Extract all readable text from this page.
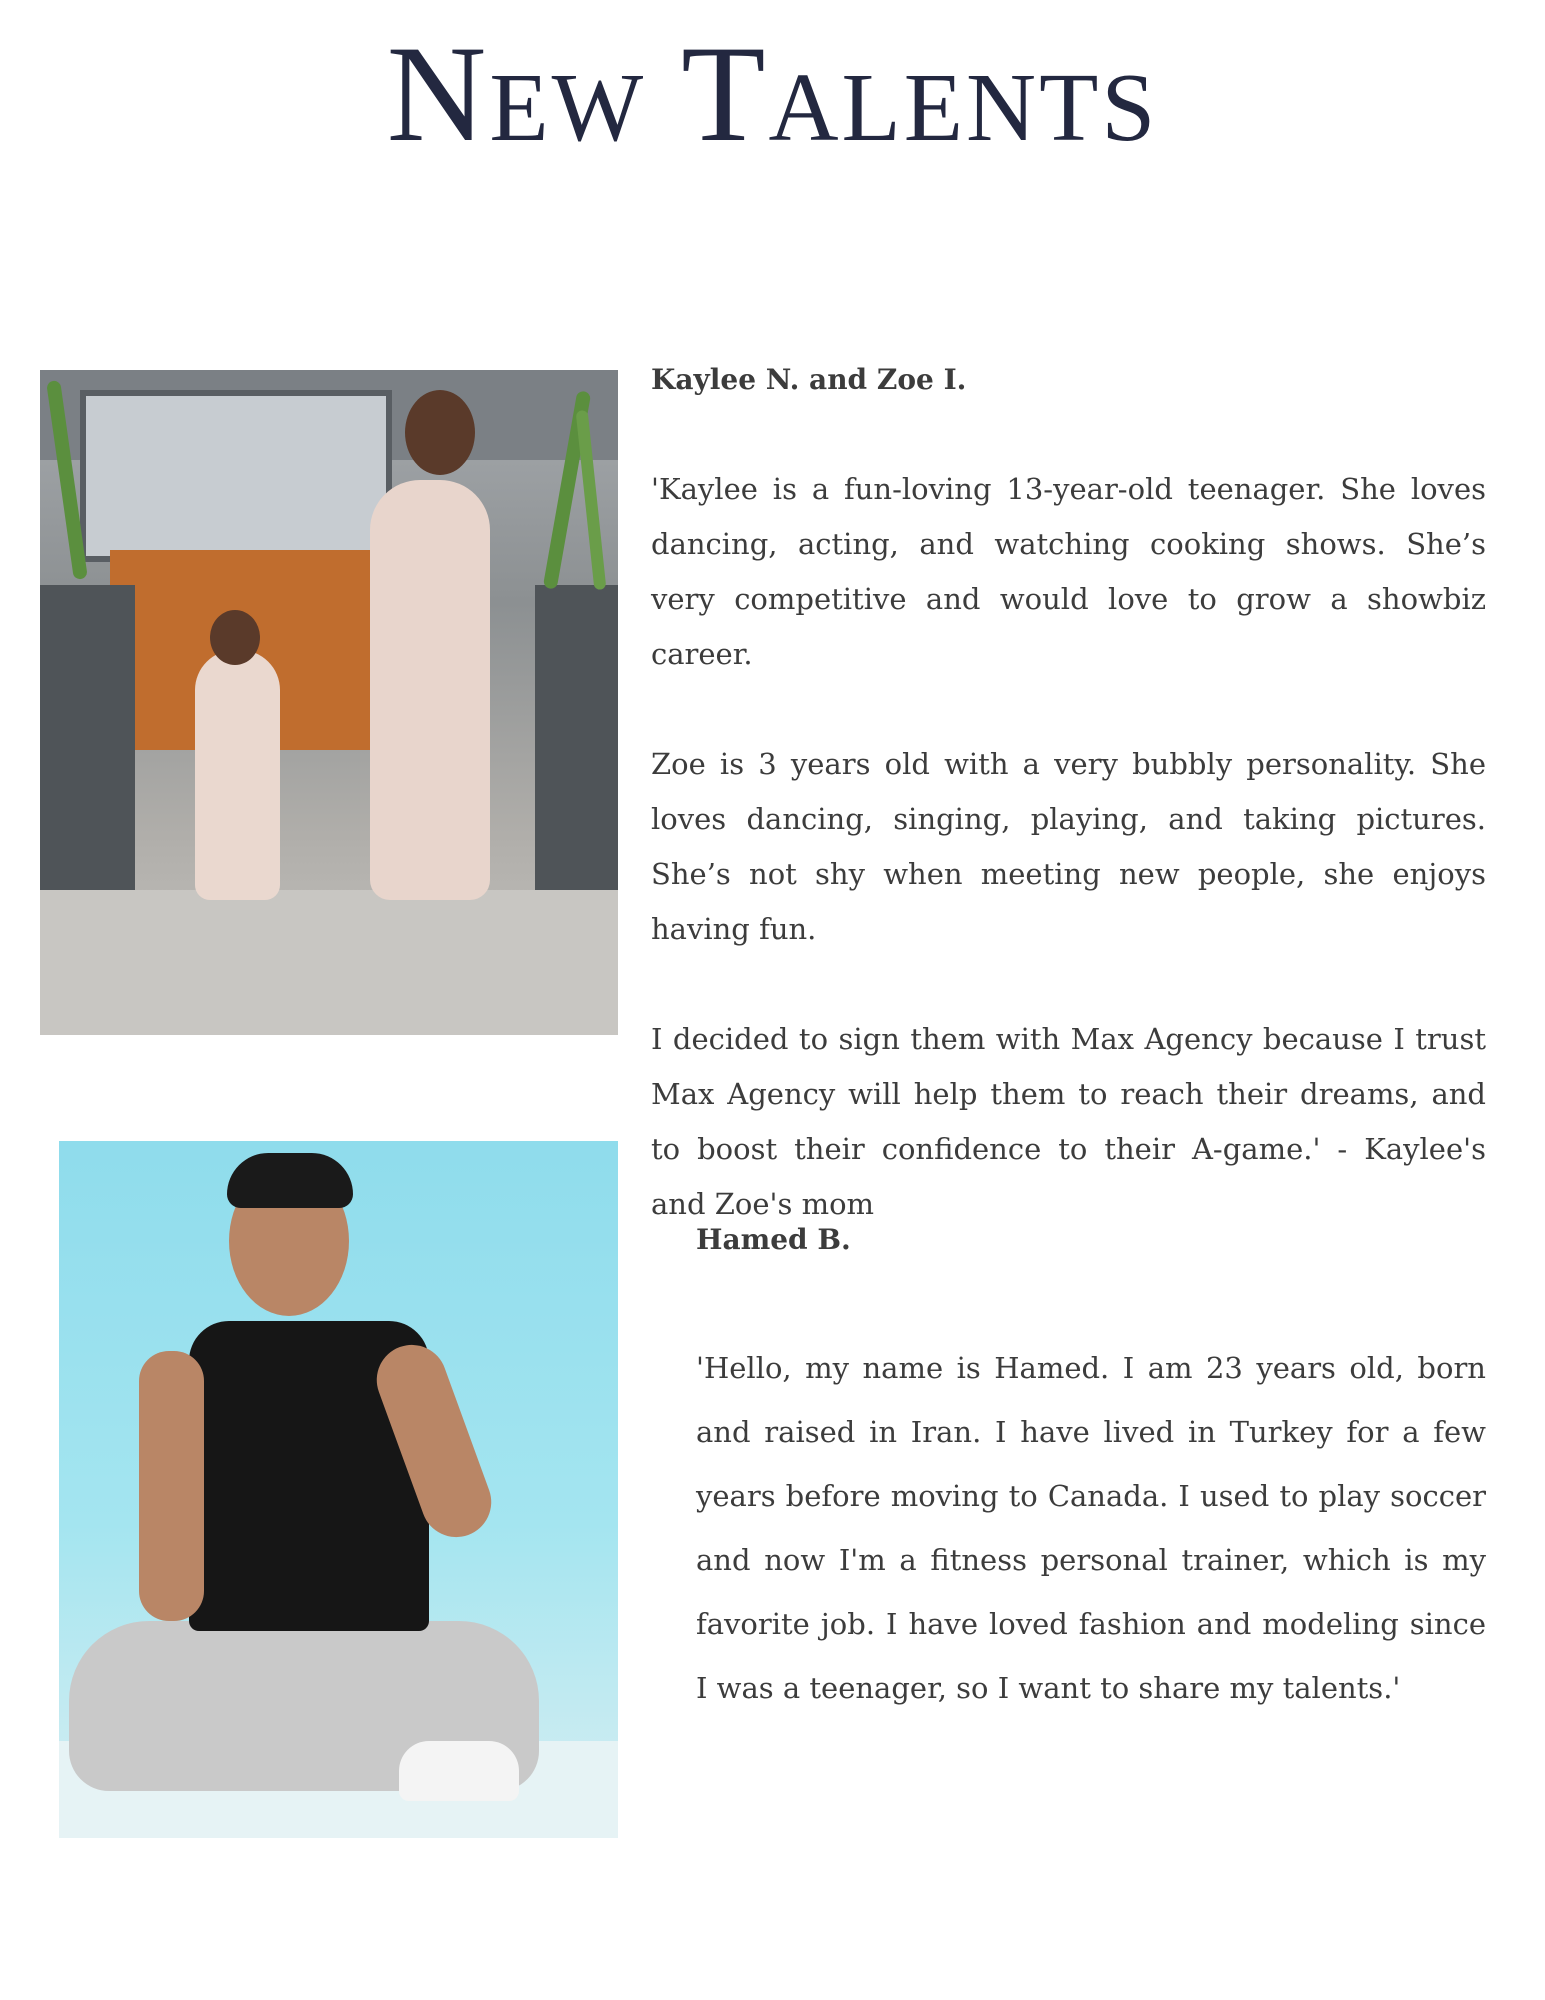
New Talents
Kaylee N. and Zoe I.

'Kaylee is a fun-loving 13-year-old teenager. She loves dancing, acting, and watching cooking shows. She’s very competitive and would love to grow a showbiz career.

Zoe is 3 years old with a very bubbly personality. She loves dancing, singing, playing, and taking pictures. She’s not shy when meeting new people, she enjoys having fun.

I decided to sign them with Max Agency because I trust Max Agency will help them to reach their dreams, and to boost their confidence to their A-game.' - Kaylee's and Zoe's mom

Hamed B.

'Hello, my name is Hamed. I am 23 years old, born and raised in Iran. I have lived in Turkey for a few years before moving to Canada. I used to play soccer and now I'm a fitness personal trainer, which is my favorite job. I have loved fashion and modeling since I was a teenager, so I want to share my talents.'
